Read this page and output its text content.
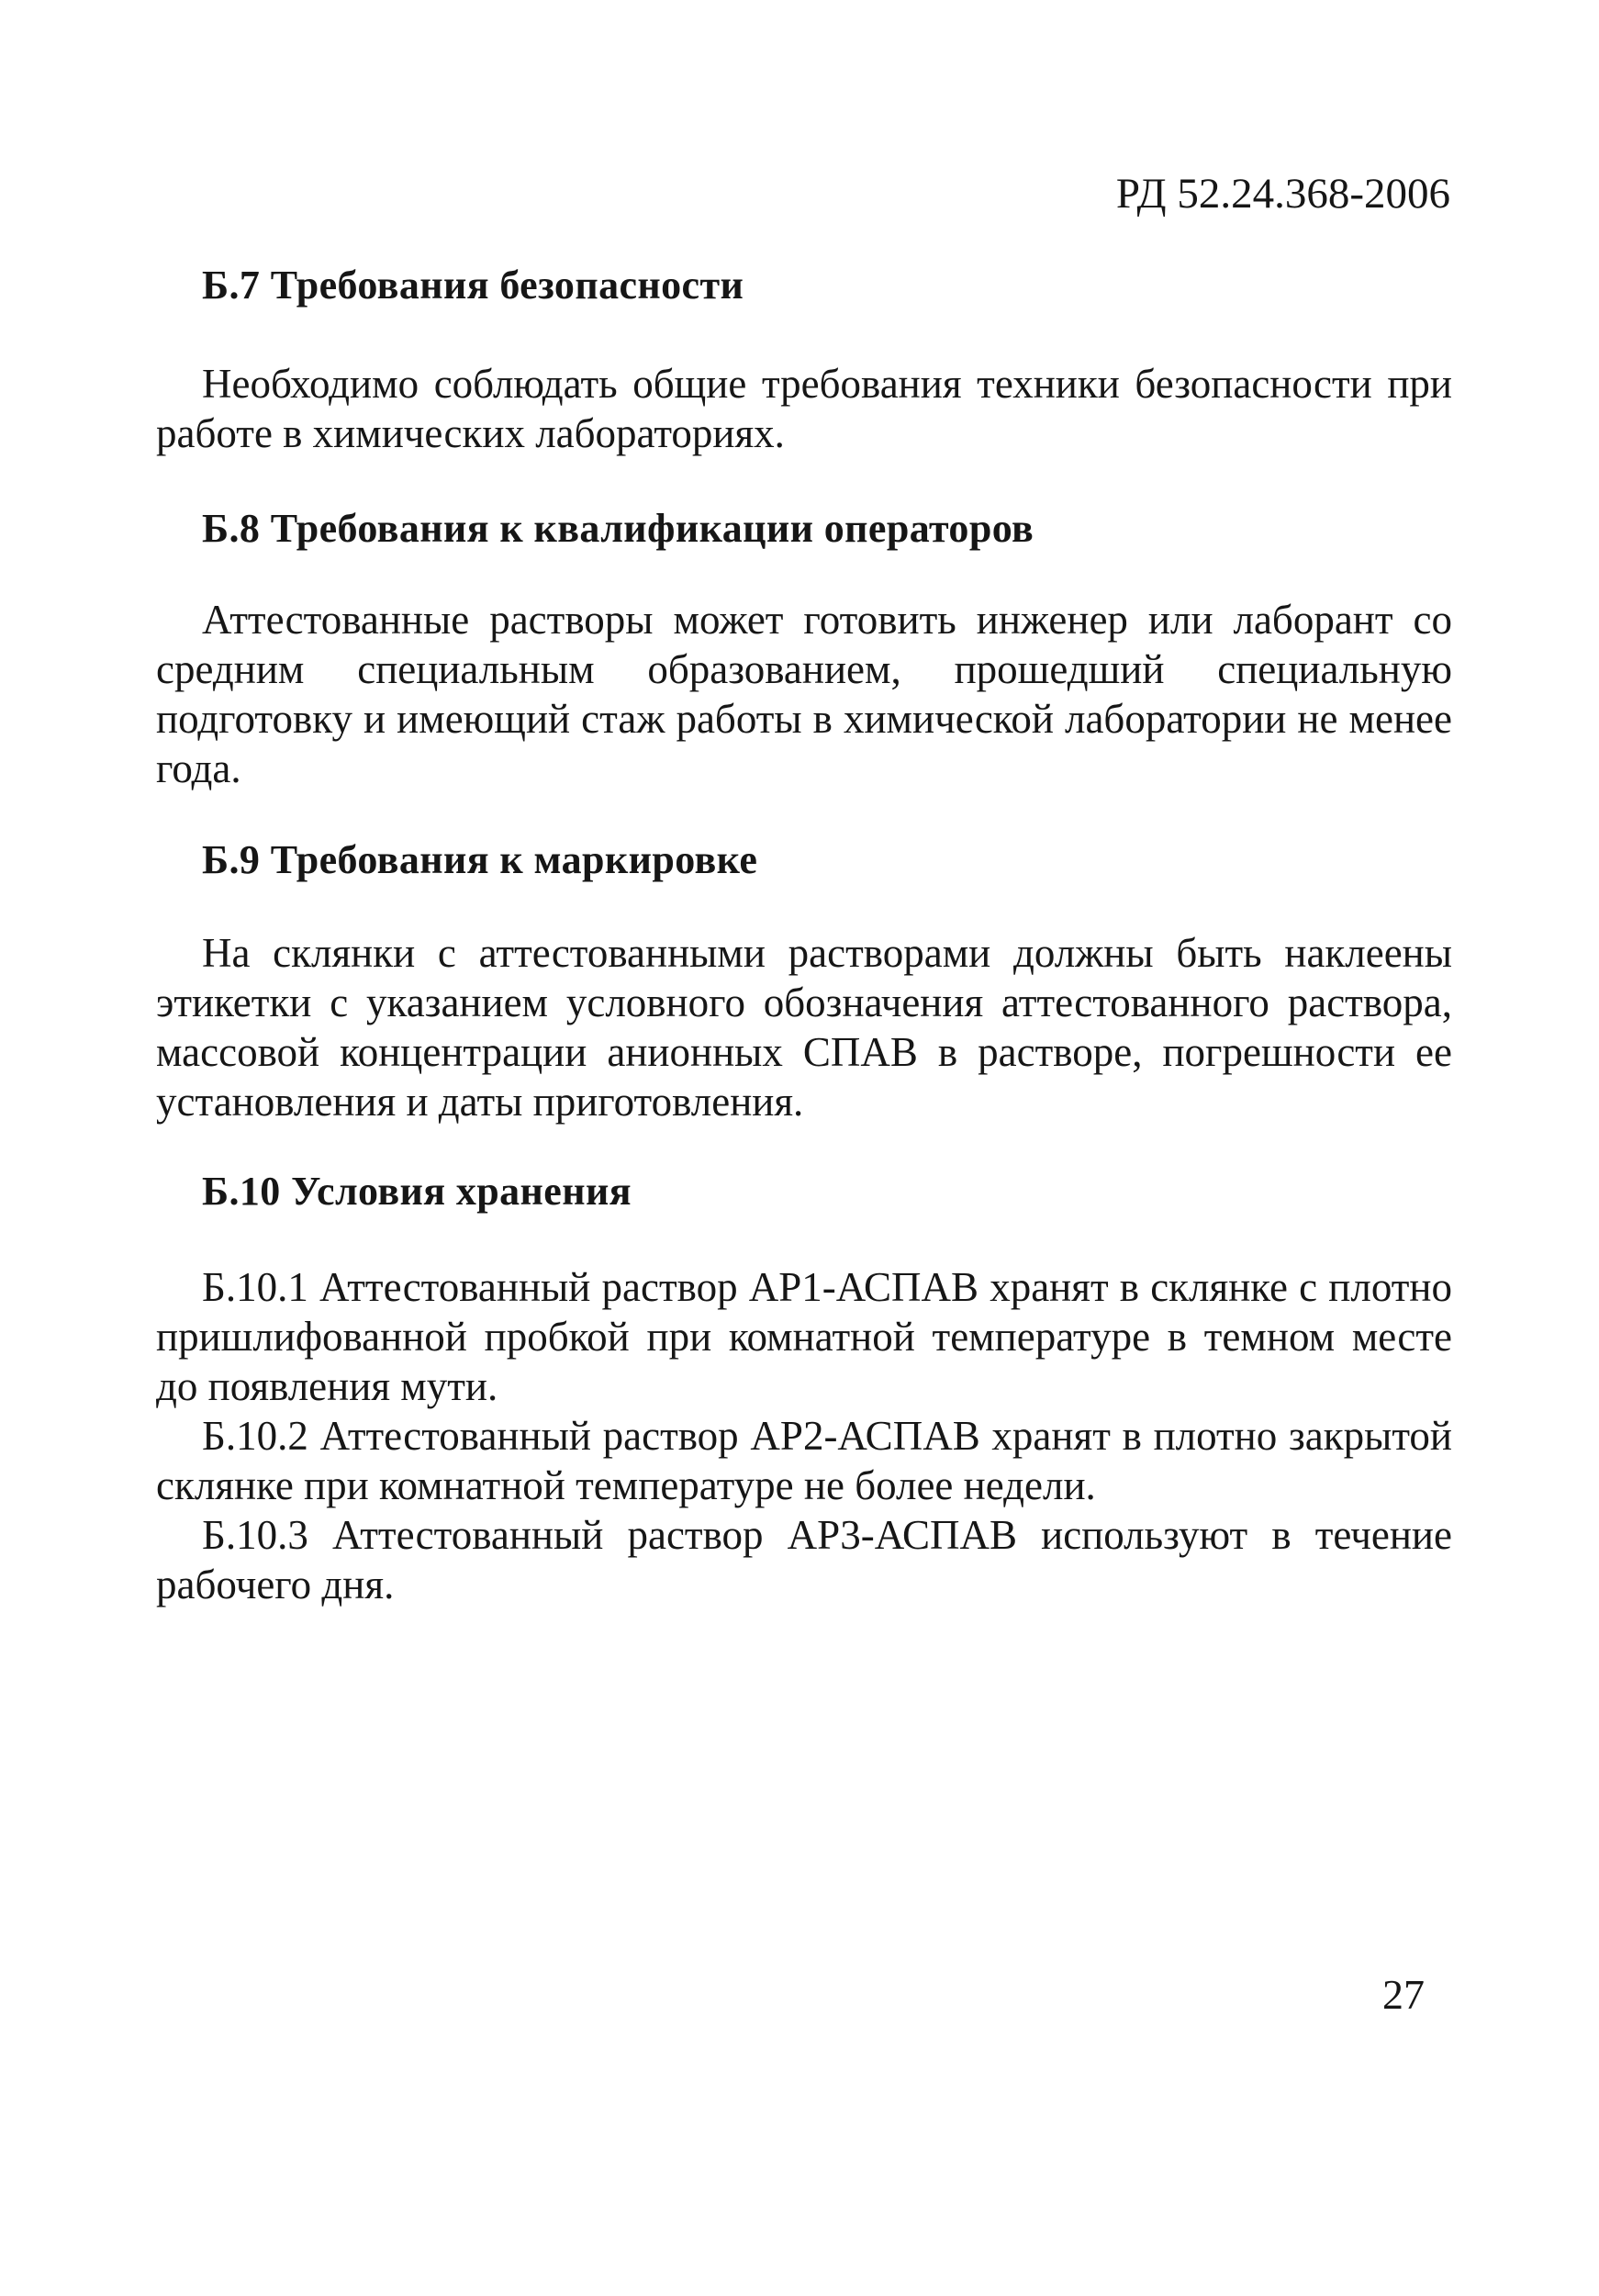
РД 52.24.368-2006
Б.7 Требования безопасности
Необходимо соблюдать общие требования техники безопасности при работе в химических лабораториях.
Б.8 Требования к квалификации операторов
Аттестованные растворы может готовить инженер или лаборант со средним специальным образованием, прошедший специальную подготовку и имеющий стаж работы в химической лаборатории не менее года.
Б.9 Требования к маркировке
На склянки с аттестованными растворами должны быть наклеены этикетки с указанием условного обозначения аттестованного раствора, массовой концентрации анионных СПАВ в растворе, погрешности ее установления и даты приготовления.
Б.10 Условия хранения
Б.10.1 Аттестованный раствор АР1-АСПАВ хранят в склянке с плотно пришлифованной пробкой при комнатной температуре в темном месте до появления мути.
Б.10.2 Аттестованный раствор АР2-АСПАВ хранят в плотно закрытой склянке при комнатной температуре не более недели.
Б.10.3 Аттестованный раствор АР3-АСПАВ используют в течение рабочего дня.
27
